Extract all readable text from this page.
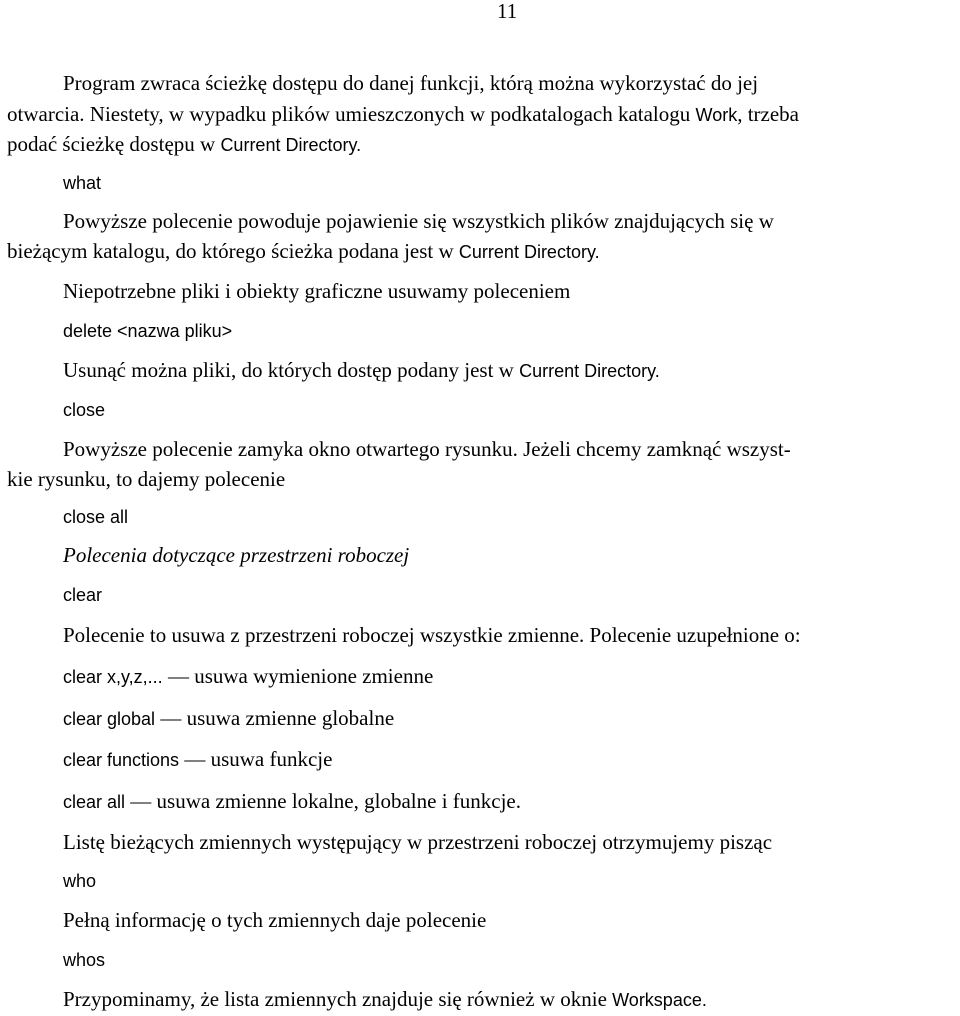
11
Program zwraca ścieżkę dostępu do danej funkcji, którą można wykorzystać do jej
otwarcia. Niestety, w wypadku plików umieszczonych w podkatalogach katalogu Work, trzeba
podać ścieżkę dostępu w Current Directory.
what
Powyższe polecenie powoduje pojawienie się wszystkich plików znajdujących się w
bieżącym katalogu, do którego ścieżka podana jest w Current Directory.
Niepotrzebne pliki i obiekty graficzne usuwamy poleceniem
delete <nazwa pliku>
Usunąć można pliki, do których dostęp podany jest w Current Directory.
close
Powyższe polecenie zamyka okno otwartego rysunku. Jeżeli chcemy zamknąć wszyst-
kie rysunku, to dajemy polecenie
close all
Polecenia dotyczące przestrzeni roboczej
clear
Polecenie to usuwa z przestrzeni roboczej wszystkie zmienne. Polecenie uzupełnione o:
clear x,y,z,... — usuwa wymienione zmienne
clear global — usuwa zmienne globalne
clear functions — usuwa funkcje
clear all — usuwa zmienne lokalne, globalne i funkcje.
Listę bieżących zmiennych występujący w przestrzeni roboczej otrzymujemy pisząc
who
Pełną informację o tych zmiennych daje polecenie
whos
Przypominamy, że lista zmiennych znajduje się również w oknie Workspace.
